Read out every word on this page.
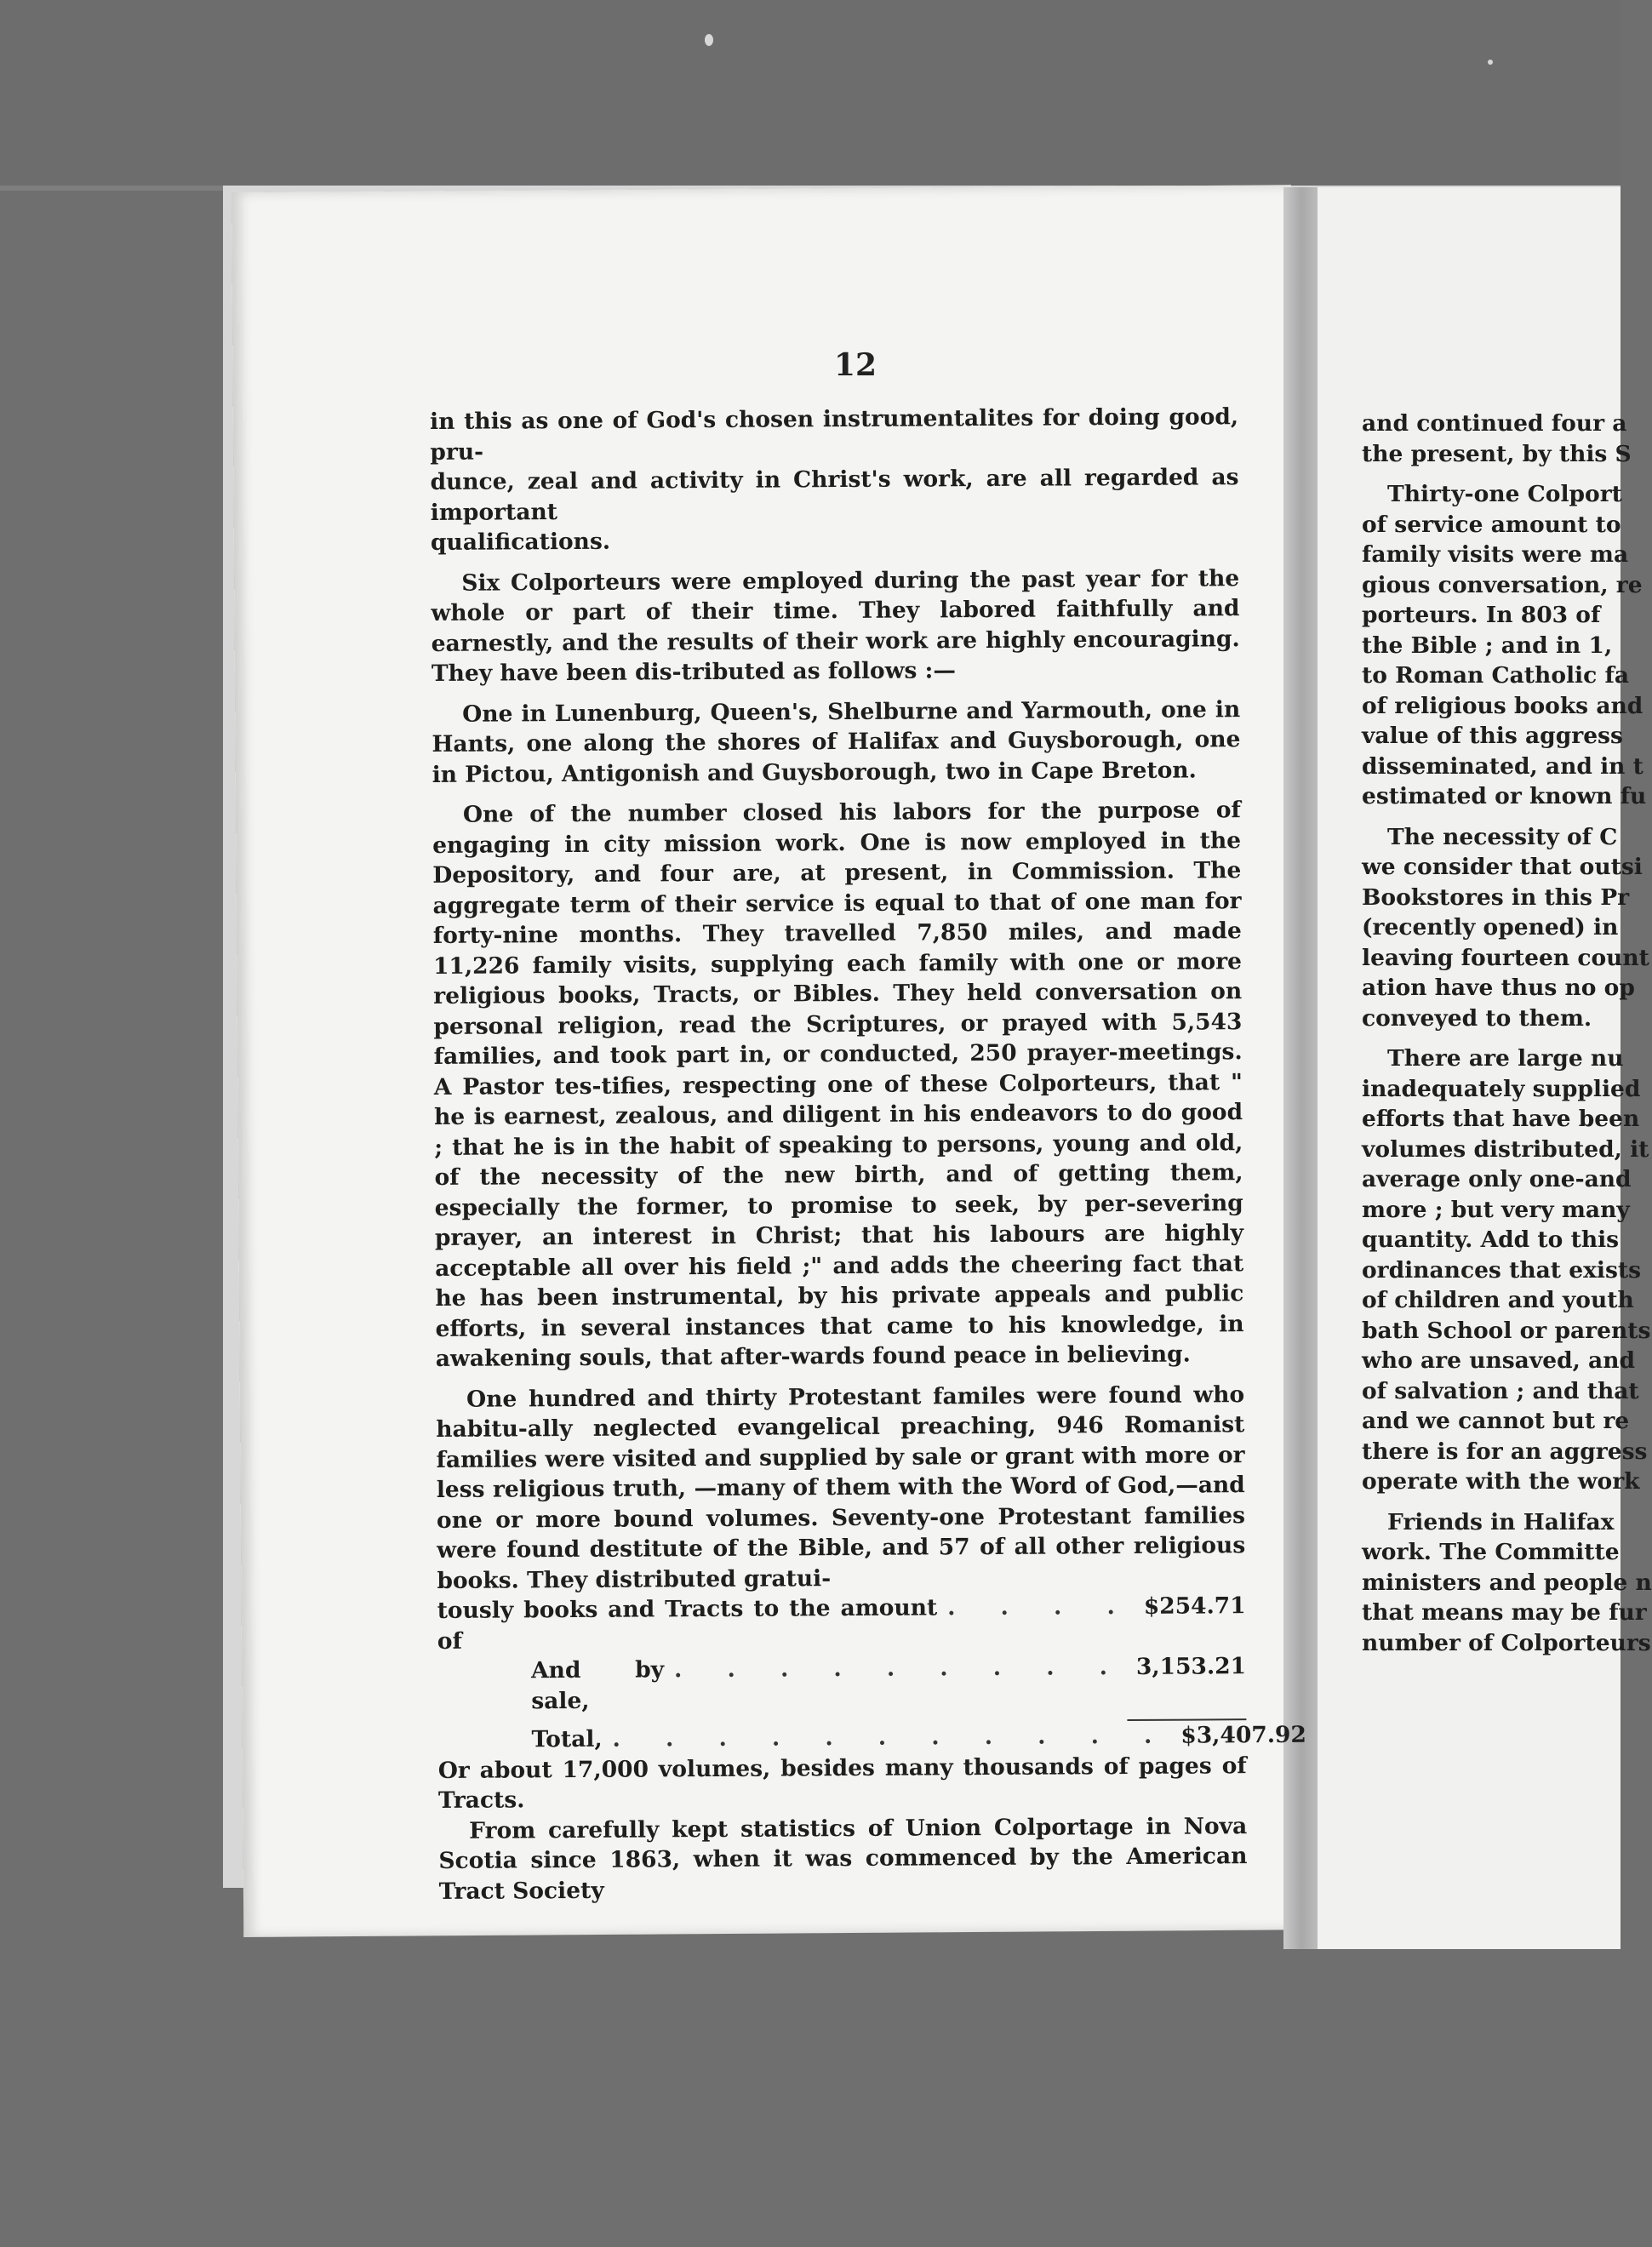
12

in this as one of God's chosen instrumentalites for doing good, pru-

dunce, zeal and activity in Christ's work, are all regarded as important

qualifications.

Six Colporteurs were employed during the past year for the whole or part of their time. They labored faithfully and earnestly, and the results of their work are highly encouraging. They have been dis-tributed as follows :—

One in Lunenburg, Queen's, Shelburne and Yarmouth, one in Hants, one along the shores of Halifax and Guysborough, one in Pictou, Antigonish and Guysborough, two in Cape Breton.

One of the number closed his labors for the purpose of engaging in city mission work. One is now employed in the Depository, and four are, at present, in Commission. The aggregate term of their service is equal to that of one man for forty-nine months. They travelled 7,850 miles, and made 11,226 family visits, supplying each family with one or more religious books, Tracts, or Bibles. They held conversation on personal religion, read the Scriptures, or prayed with 5,543 families, and took part in, or conducted, 250 prayer-meetings. A Pastor tes-tifies, respecting one of these Colporteurs, that " he is earnest, zealous, and diligent in his endeavors to do good ; that he is in the habit of speaking to persons, young and old, of the necessity of the new birth, and of getting them, especially the former, to promise to seek, by per-severing prayer, an interest in Christ; that his labours are highly acceptable all over his field ;" and adds the cheering fact that he has been instrumental, by his private appeals and public efforts, in several instances that came to his knowledge, in awakening souls, that after-wards found peace in believing.

One hundred and thirty Protestant familes were found who habitu-ally neglected evangelical preaching, 946 Romanist families were visited and supplied by sale or grant with more or less religious truth, —many of them with the Word of God,—and one or more bound volumes. Seventy-one Protestant families were found destitute of the Bible, and 57 of all other religious books. They distributed gratui-

tously books and Tracts to the amount of
. . . . $254.71
And by sale,
. . . . . . . . . 3,153.21
Total, . . . . . . . . . . . $3,407.92

Or about 17,000 volumes, besides many thousands of pages of Tracts.

From carefully kept statistics of Union Colportage in Nova Scotia since 1863, when it was commenced by the American Tract Society

and continued four a

the present, by this S

Thirty-one Colport

of service amount to

family visits were ma

gious conversation, re

porteurs. In 803 of

the Bible ; and in 1,

to Roman Catholic fa

of religious books and

value of this aggress

disseminated, and in t

estimated or known fu

The necessity of C

we consider that outsi

Bookstores in this Pr

(recently opened) in

leaving fourteen count

ation have thus no op

conveyed to them.

There are large nu

inadequately supplied

efforts that have been

volumes distributed, it

average only one-and

more ; but very many

quantity. Add to this

ordinances that exists

of children and youth

bath School or parents

who are unsaved, and

of salvation ; and that

and we cannot but re

there is for an aggress

operate with the work

Friends in Halifax

work. The Committe

ministers and people n

that means may be fur

number of Colporteurs
